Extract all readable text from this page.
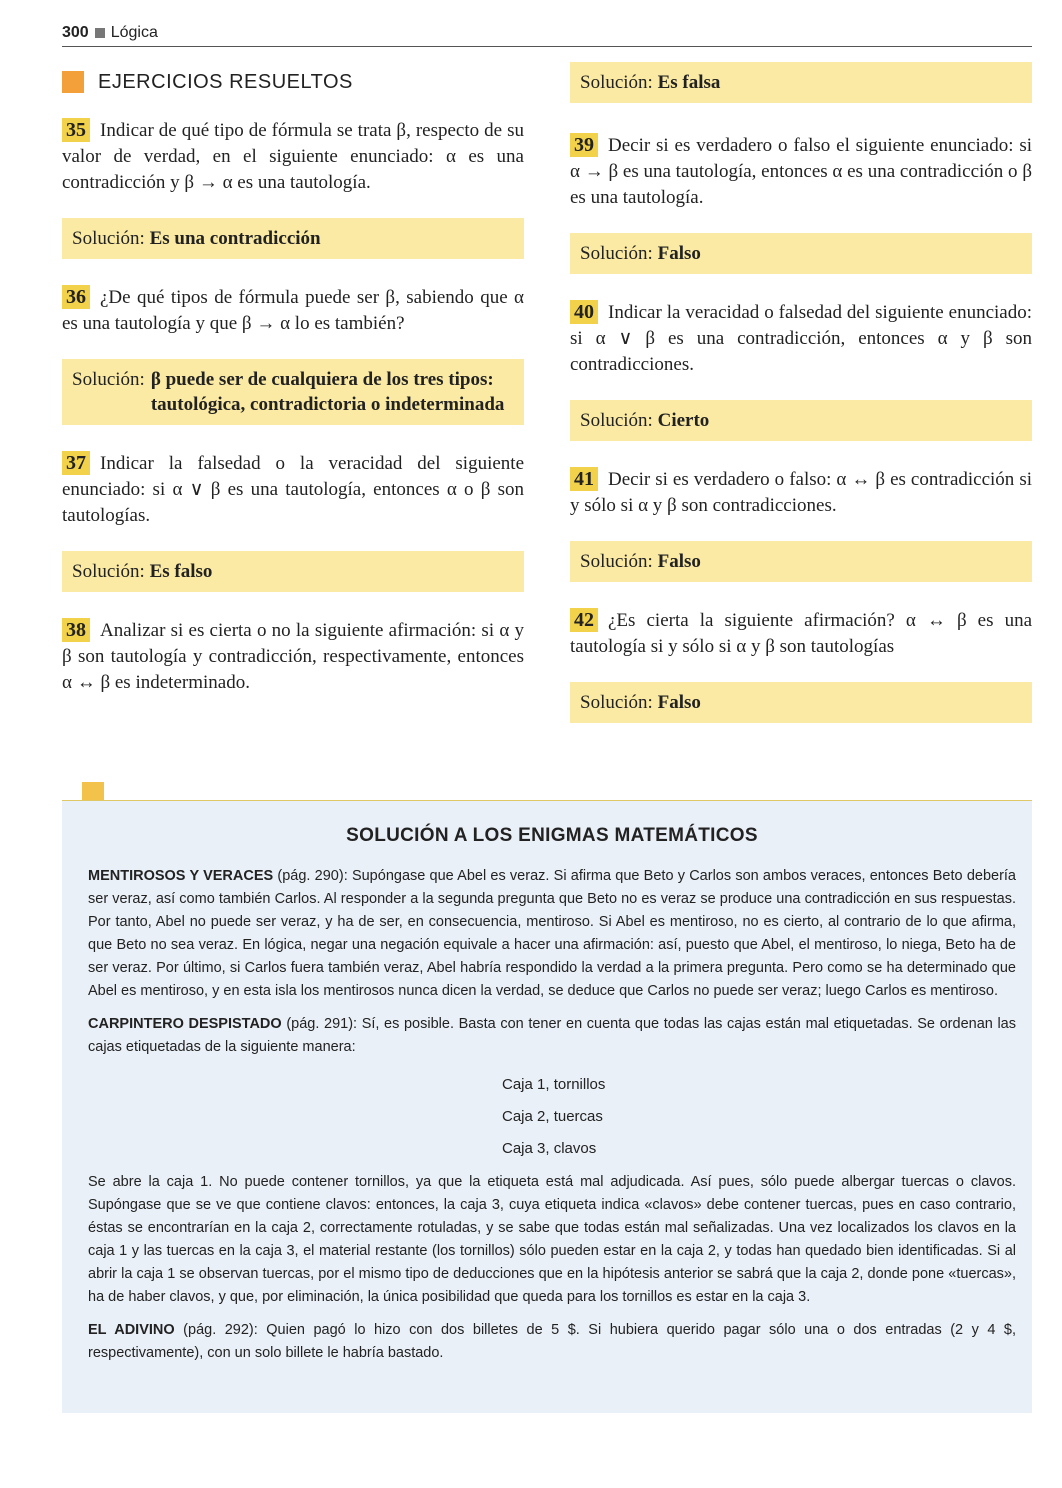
300 Lógica
EJERCICIOS RESUELTOS

35 Indicar de qué tipo de fórmula se trata β, respecto de su valor de verdad, en el siguiente enunciado: α es una contradicción y β → α es una tautología.

Solución: Es una contradicción

36 ¿De qué tipos de fórmula puede ser β, sabiendo que α es una tautología y que β → α lo es también?

Solución: β puede ser de cualquiera de los tres tipos: tautológica, contradictoria o indeterminada

37 Indicar la falsedad o la veracidad del siguiente enunciado: si α ∨ β es una tautología, entonces α o β son tautologías.

Solución: Es falso

38 Analizar si es cierta o no la siguiente afirmación: si α y β son tautología y contradicción, respectivamente, entonces α ↔ β es indeterminado.

Solución: Es falsa

39 Decir si es verdadero o falso el siguiente enunciado: si α → β es una tautología, entonces α es una contradicción o β es una tautología.

Solución: Falso

40 Indicar la veracidad o falsedad del siguiente enunciado: si α ∨ β es una contradicción, entonces α y β son contradicciones.

Solución: Cierto

41 Decir si es verdadero o falso: α ↔ β es contradicción si y sólo si α y β son contradicciones.

Solución: Falso

42 ¿Es cierta la siguiente afirmación? α ↔ β es una tautología si y sólo si α y β son tautologías

Solución: Falso
SOLUCIÓN A LOS ENIGMAS MATEMÁTICOS

MENTIROSOS Y VERACES (pág. 290): Supóngase que Abel es veraz. Si afirma que Beto y Carlos son ambos veraces, entonces Beto debería ser veraz, así como también Carlos. Al responder a la segunda pregunta que Beto no es veraz se produce una contradicción en sus respuestas. Por tanto, Abel no puede ser veraz, y ha de ser, en consecuencia, mentiroso. Si Abel es mentiroso, no es cierto, al contrario de lo que afirma, que Beto no sea veraz. En lógica, negar una negación equivale a hacer una afirmación: así, puesto que Abel, el mentiroso, lo niega, Beto ha de ser veraz. Por último, si Carlos fuera también veraz, Abel habría respondido la verdad a la primera pregunta. Pero como se ha determinado que Abel es mentiroso, y en esta isla los mentirosos nunca dicen la verdad, se deduce que Carlos no puede ser veraz; luego Carlos es mentiroso.

CARPINTERO DESPISTADO (pág. 291): Sí, es posible. Basta con tener en cuenta que todas las cajas están mal etiquetadas. Se ordenan las cajas etiquetadas de la siguiente manera:

Caja 1, tornillos
Caja 2, tuercas
Caja 3, clavos

Se abre la caja 1. No puede contener tornillos, ya que la etiqueta está mal adjudicada. Así pues, sólo puede albergar tuercas o clavos. Supóngase que se ve que contiene clavos: entonces, la caja 3, cuya etiqueta indica «clavos» debe contener tuercas, pues en caso contrario, éstas se encontrarían en la caja 2, correctamente rotuladas, y se sabe que todas están mal señalizadas. Una vez localizados los clavos en la caja 1 y las tuercas en la caja 3, el material restante (los tornillos) sólo pueden estar en la caja 2, y todas han quedado bien identificadas. Si al abrir la caja 1 se observan tuercas, por el mismo tipo de deducciones que en la hipótesis anterior se sabrá que la caja 2, donde pone «tuercas», ha de haber clavos, y que, por eliminación, la única posibilidad que queda para los tornillos es estar en la caja 3.

EL ADIVINO (pág. 292): Quien pagó lo hizo con dos billetes de 5 $. Si hubiera querido pagar sólo una o dos entradas (2 y 4 $, respectivamente), con un solo billete le habría bastado.
